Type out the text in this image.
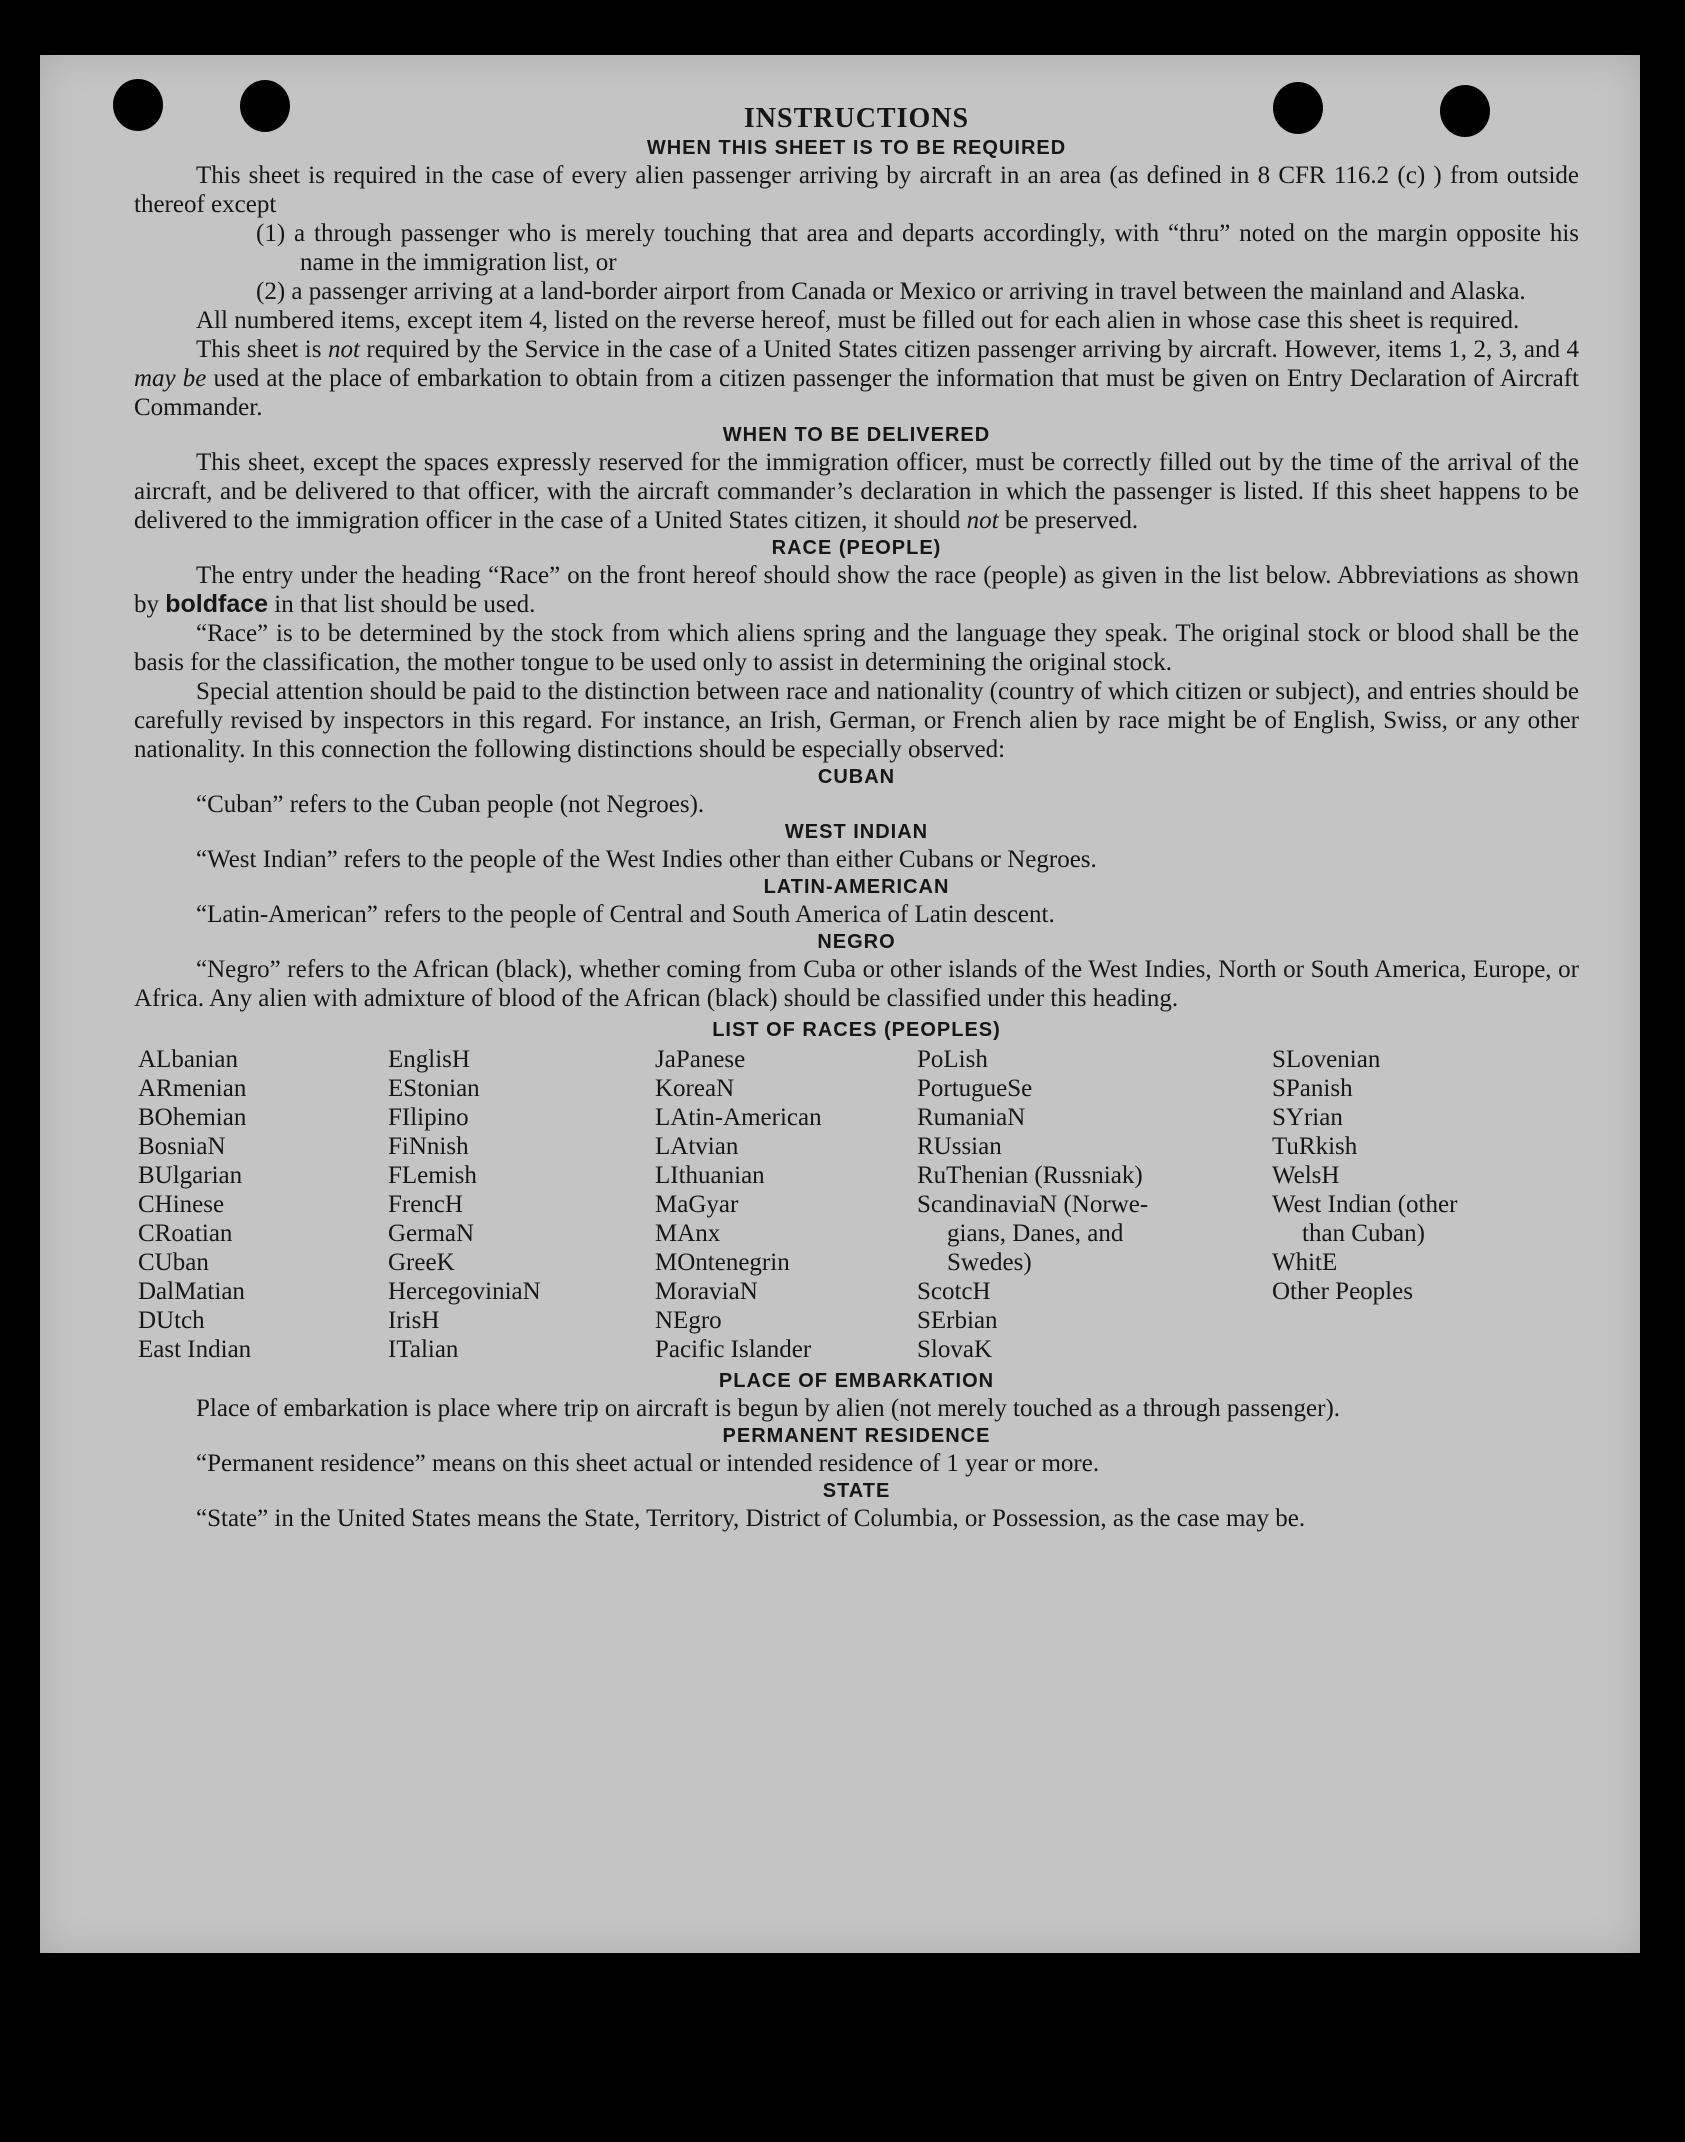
INSTRUCTIONS
WHEN THIS SHEET IS TO BE REQUIRED

This sheet is required in the case of every alien passenger arriving by aircraft in an area (as defined in 8 CFR 116.2 (c) ) from outside thereof except

(1) a through passenger who is merely touching that area and departs accordingly, with “thru” noted on the margin opposite his name in the immigration list, or

(2) a passenger arriving at a land-border airport from Canada or Mexico or arriving in travel between the mainland and Alaska.

All numbered items, except item 4, listed on the reverse hereof, must be filled out for each alien in whose case this sheet is required.

This sheet is not required by the Service in the case of a United States citizen passenger arriving by aircraft. However, items 1, 2, 3, and 4 may be used at the place of embarkation to obtain from a citizen passenger the information that must be given on Entry Declaration of Aircraft Commander.

WHEN TO BE DELIVERED

This sheet, except the spaces expressly reserved for the immigration officer, must be correctly filled out by the time of the arrival of the aircraft, and be delivered to that officer, with the aircraft commander’s declaration in which the passenger is listed. If this sheet happens to be delivered to the immigration officer in the case of a United States citizen, it should not be preserved.

RACE (PEOPLE)

The entry under the heading “Race” on the front hereof should show the race (people) as given in the list below. Abbreviations as shown by boldface in that list should be used.

“Race” is to be determined by the stock from which aliens spring and the language they speak. The original stock or blood shall be the basis for the classification, the mother tongue to be used only to assist in determining the original stock.

Special attention should be paid to the distinction between race and nationality (country of which citizen or subject), and entries should be carefully revised by inspectors in this regard. For instance, an Irish, German, or French alien by race might be of English, Swiss, or any other nationality. In this connection the following distinctions should be especially observed:

CUBAN

“Cuban” refers to the Cuban people (not Negroes).

WEST INDIAN

“West Indian” refers to the people of the West Indies other than either Cubans or Negroes.

LATIN-AMERICAN

“Latin-American” refers to the people of Central and South America of Latin descent.

NEGRO

“Negro” refers to the African (black), whether coming from Cuba or other islands of the West Indies, North or South America, Europe, or Africa. Any alien with admixture of blood of the African (black) should be classified under this heading.

LIST OF RACES (PEOPLES)
ALbanian
ARmenian
BOhemian
BosniaN
BUlgarian
CHinese
CRoatian
CUban
DalMatian
DUtch
East Indian
EnglisH
EStonian
FIlipino
FiNnish
FLemish
FrencH
GermaN
GreeK
HercegoviniaN
IrisH
ITalian
JaPanese
KoreaN
LAtin-American
LAtvian
LIthuanian
MaGyar
MAnx
MOntenegrin
MoraviaN
NEgro
Pacific Islander
PoLish
PortugueSe
RumaniaN
RUssian
RuThenian (Russniak)
ScandinaviaN (Norwe-
gians, Danes, and
Swedes)
ScotcH
SErbian
SlovaK
SLovenian
SPanish
SYrian
TuRkish
WelsH
West Indian (other
than Cuban)
WhitE
Other Peoples
PLACE OF EMBARKATION

Place of embarkation is place where trip on aircraft is begun by alien (not merely touched as a through passenger).

PERMANENT RESIDENCE

“Permanent residence” means on this sheet actual or intended residence of 1 year or more.

STATE

“State” in the United States means the State, Territory, District of Columbia, or Possession, as the case may be.
